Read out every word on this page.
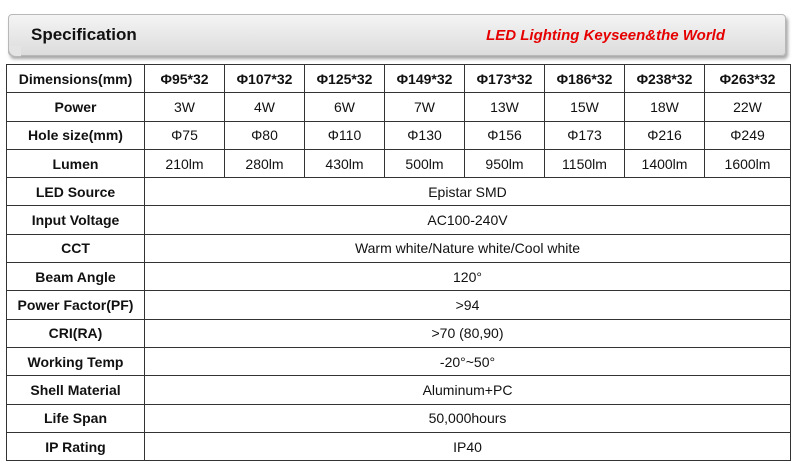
Specification	LED Lighting Keyseen&the World
Dimensions(mm)	Φ95*32	Φ107*32	Φ125*32	Φ149*32	Φ173*32	Φ186*32	Φ238*32	Φ263*32
Power	3W	4W	6W	7W	13W	15W	18W	22W
Hole size(mm)	Φ75	Φ80	Φ110	Φ130	Φ156	Φ173	Φ216	Φ249
Lumen	210lm	280lm	430lm	500lm	950lm	1150lm	1400lm	1600lm
LED Source	Epistar SMD							
Input Voltage	AC100-240V							
CCT	Warm white/Nature white/Cool white							
Beam Angle	120°							
Power Factor(PF)	>94							
CRI(RA)	>70 (80,90)							
Working Temp	-20°~50°							
Shell Material	Aluminum+PC							
Life Span	50,000hours							
IP Rating	IP40							
